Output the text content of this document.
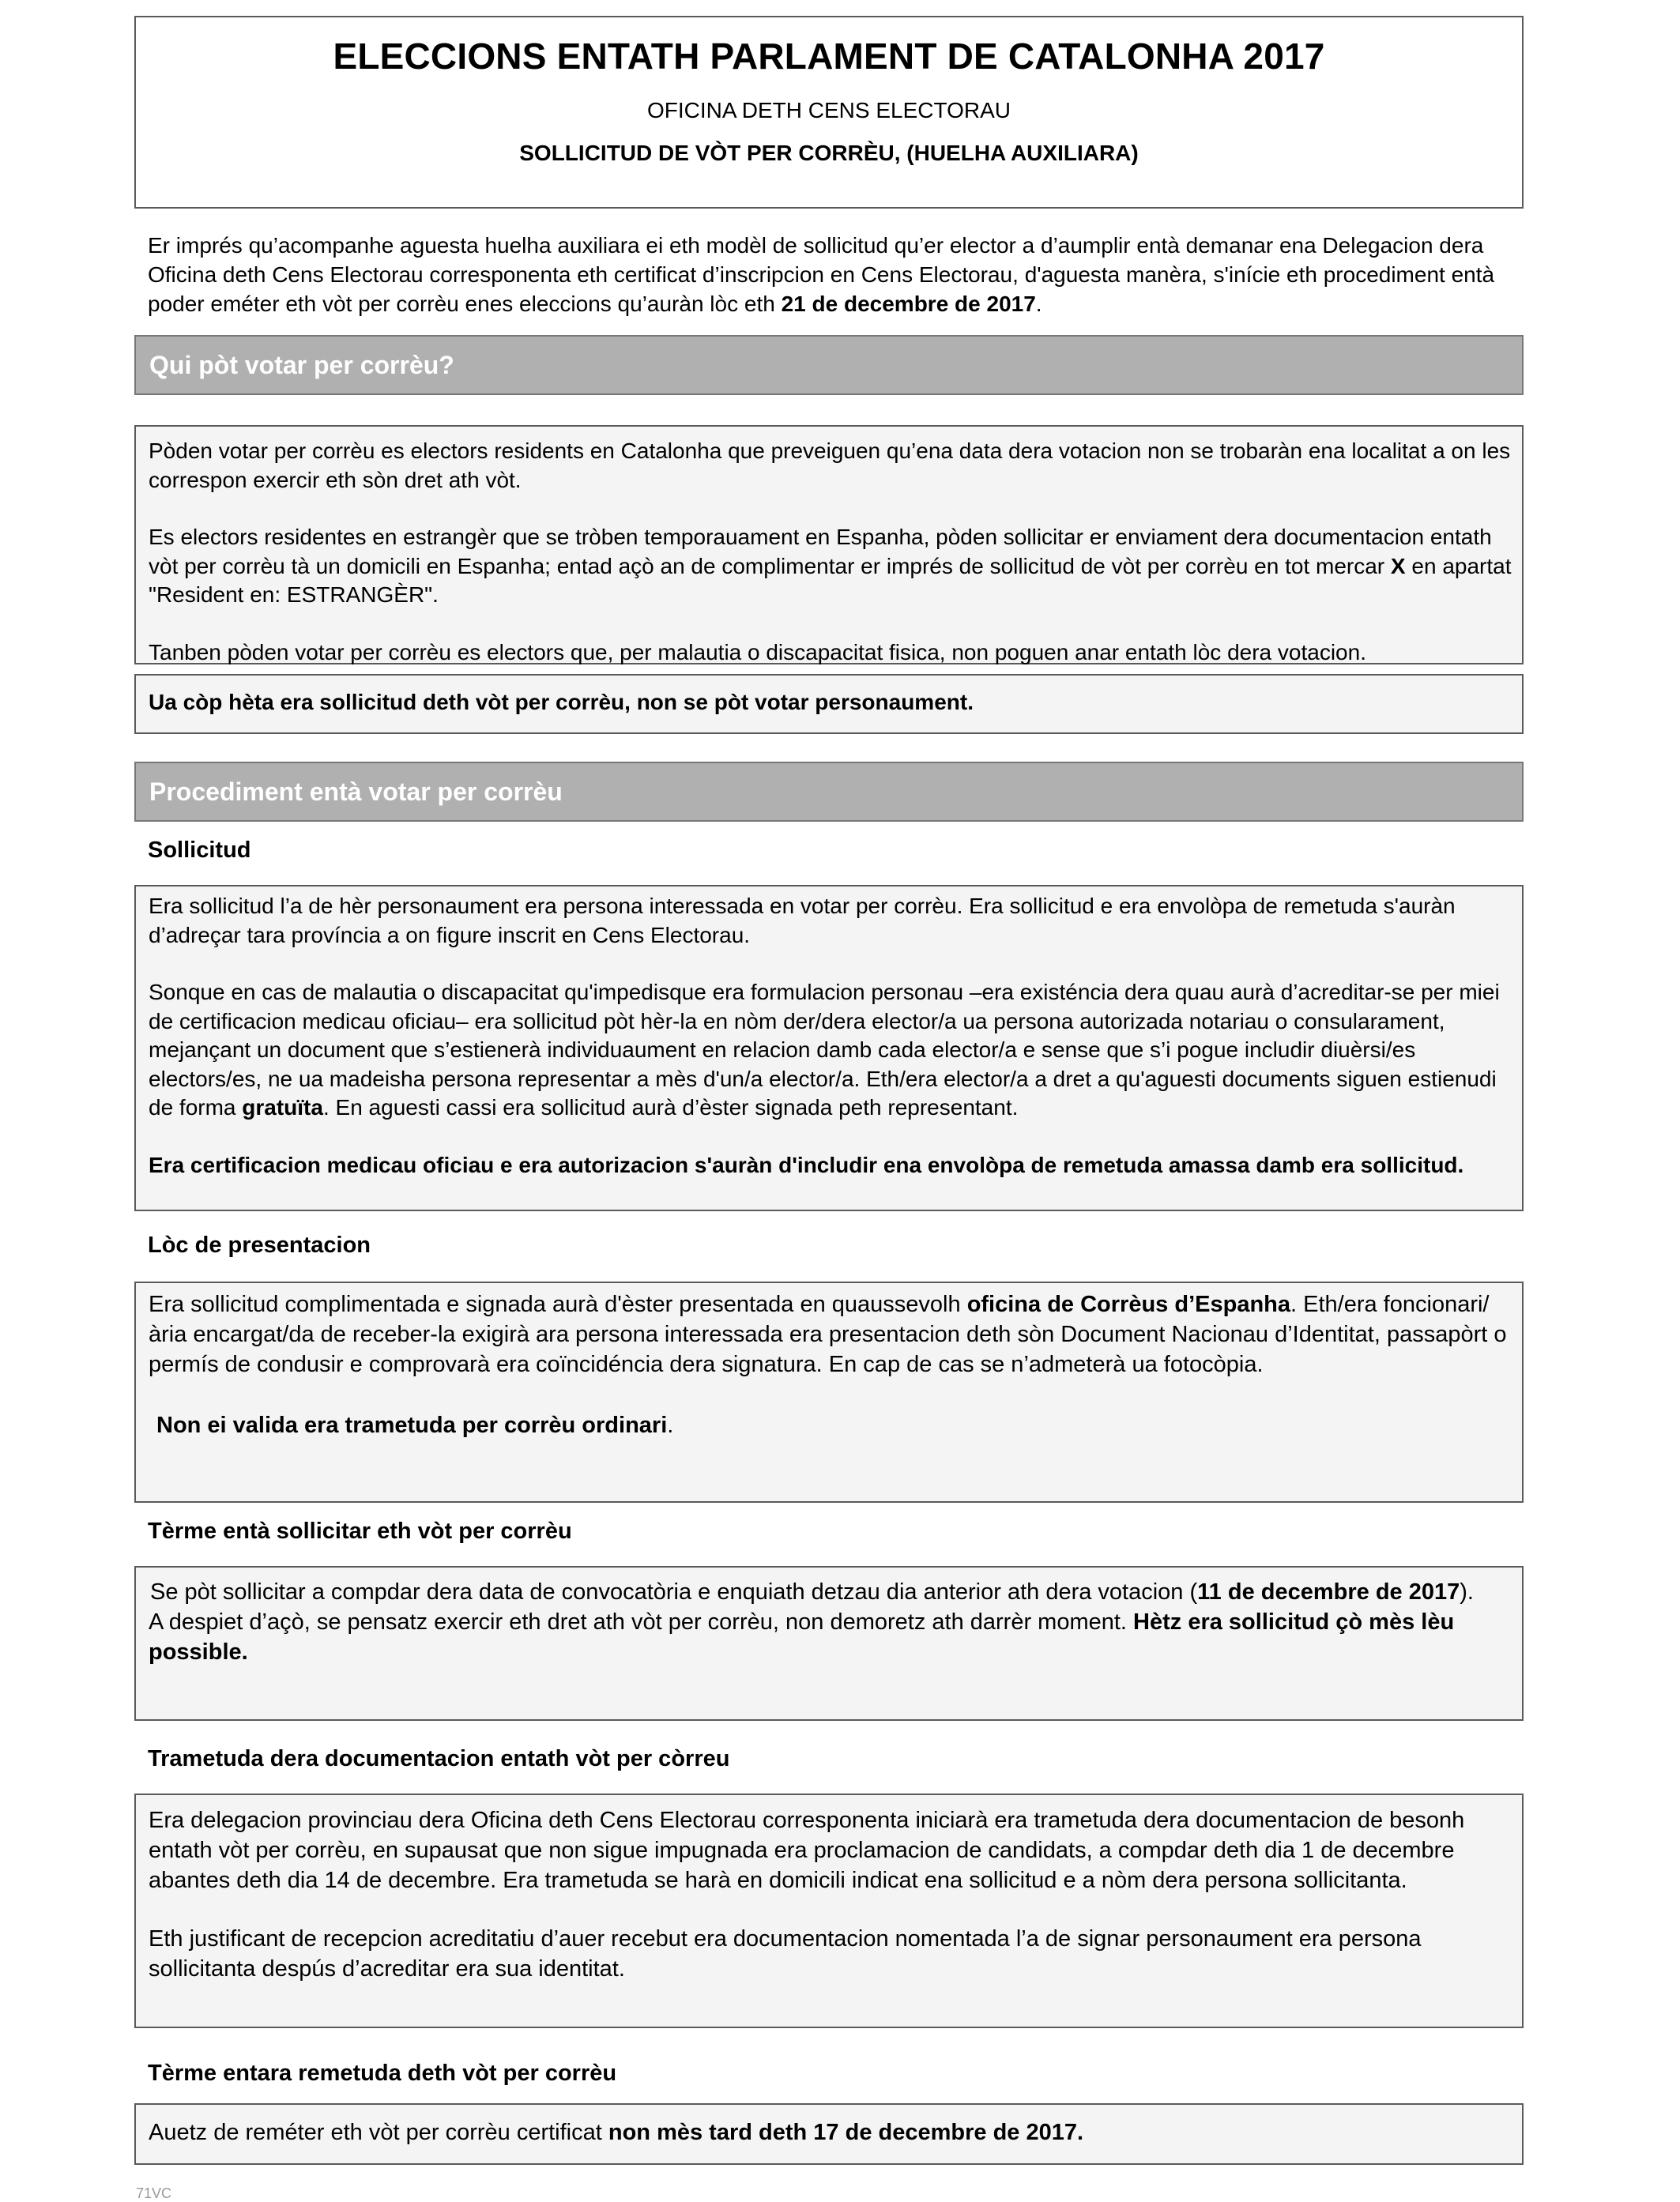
ELECCIONS ENTATH PARLAMENT DE CATALONHA 2017
OFICINA DETH CENS ELECTORAU
SOLLICITUD DE VÒT PER CORRÈU, (HUELHA AUXILIARA)
Er imprés qu’acompanhe aguesta huelha auxiliara ei eth modèl de sollicitud qu’er elector a d’aumplir entà demanar ena Delegacion dera Oficina deth Cens Electorau corresponenta eth certificat d’inscripcion en Cens Electorau, d'aguesta manèra, s'inície eth procediment entà poder eméter eth vòt per corrèu enes eleccions qu’auràn lòc eth 21 de decembre de 2017.
Qui pòt votar per corrèu?
Pòden votar per corrèu es electors residents en Catalonha que preveiguen qu’ena data dera votacion non se trobaràn ena localitat a on les correspon exercir eth sòn dret ath vòt.
Es electors residentes en estrangèr que se tròben temporauament en Espanha, pòden sollicitar er enviament dera documentacion entath vòt per corrèu tà un domicili en Espanha; entad açò an de complimentar er imprés de sollicitud de vòt per corrèu en tot mercar X en apartat "Resident en: ESTRANGÈR".
Tanben pòden votar per corrèu es electors que, per malautia o discapacitat fisica, non poguen anar entath lòc dera votacion.
Ua còp hèta era sollicitud deth vòt per corrèu, non se pòt votar personaument.
Procediment entà votar per corrèu
Sollicitud
Era sollicitud l’a de hèr personaument era persona interessada en votar per corrèu. Era sollicitud e era envolòpa de remetuda s'auràn d’adreçar tara província a on figure inscrit en Cens Electorau.
Sonque en cas de malautia o discapacitat qu'impedisque era formulacion personau –era existéncia dera quau aurà d’acreditar-se per miei de certificacion medicau oficiau– era sollicitud pòt hèr-la en nòm der/dera elector/a ua persona autorizada notariau o consularament, mejançant un document que s’estienerà individuaument en relacion damb cada elector/a e sense que s’i pogue includir diuèrsi/es electors/es, ne ua madeisha persona representar a mès d'un/a elector/a. Eth/era elector/a a dret a qu'aguesti documents siguen estienudi de forma gratuïta. En aguesti cassi era sollicitud aurà d’èster signada peth representant.
Era certificacion medicau oficiau e era autorizacion s'auràn d'includir ena envolòpa de remetuda amassa damb era sollicitud.
Lòc de presentacion
Era sollicitud complimentada e signada aurà d'èster presentada en quaussevolh oficina de Corrèus d’Espanha. Eth/era foncionari/ària encargat/da de receber-la exigirà ara persona interessada era presentacion deth sòn Document Nacionau d’Identitat, passapòrt o permís de condusir e comprovarà era coïncidéncia dera signatura. En cap de cas se n’admeterà ua fotocòpia.
Non ei valida era trametuda per corrèu ordinari.
Tèrme entà sollicitar eth vòt per corrèu
Se pòt sollicitar a compdar dera data de convocatòria e enquiath detzau dia anterior ath dera votacion (11 de decembre de 2017).
A despiet d’açò, se pensatz exercir eth dret ath vòt per corrèu, non demoretz ath darrèr moment. Hètz era sollicitud çò mès lèu possible.
Trametuda dera documentacion entath vòt per còrreu
Era delegacion provinciau dera Oficina deth Cens Electorau corresponenta iniciarà era trametuda dera documentacion de besonh entath vòt per corrèu, en supausat que non sigue impugnada era proclamacion de candidats, a compdar deth dia 1 de decembre abantes deth dia 14 de decembre. Era trametuda se harà en domicili indicat ena sollicitud e a nòm dera persona sollicitanta.
Eth justificant de recepcion acreditatiu d’auer recebut era documentacion nomentada l’a de signar personaument era persona sollicitanta despús d’acreditar era sua identitat.
Tèrme entara remetuda deth vòt per corrèu
Auetz de reméter eth vòt per corrèu certificat non mès tard deth 17 de decembre de 2017.
71VC
